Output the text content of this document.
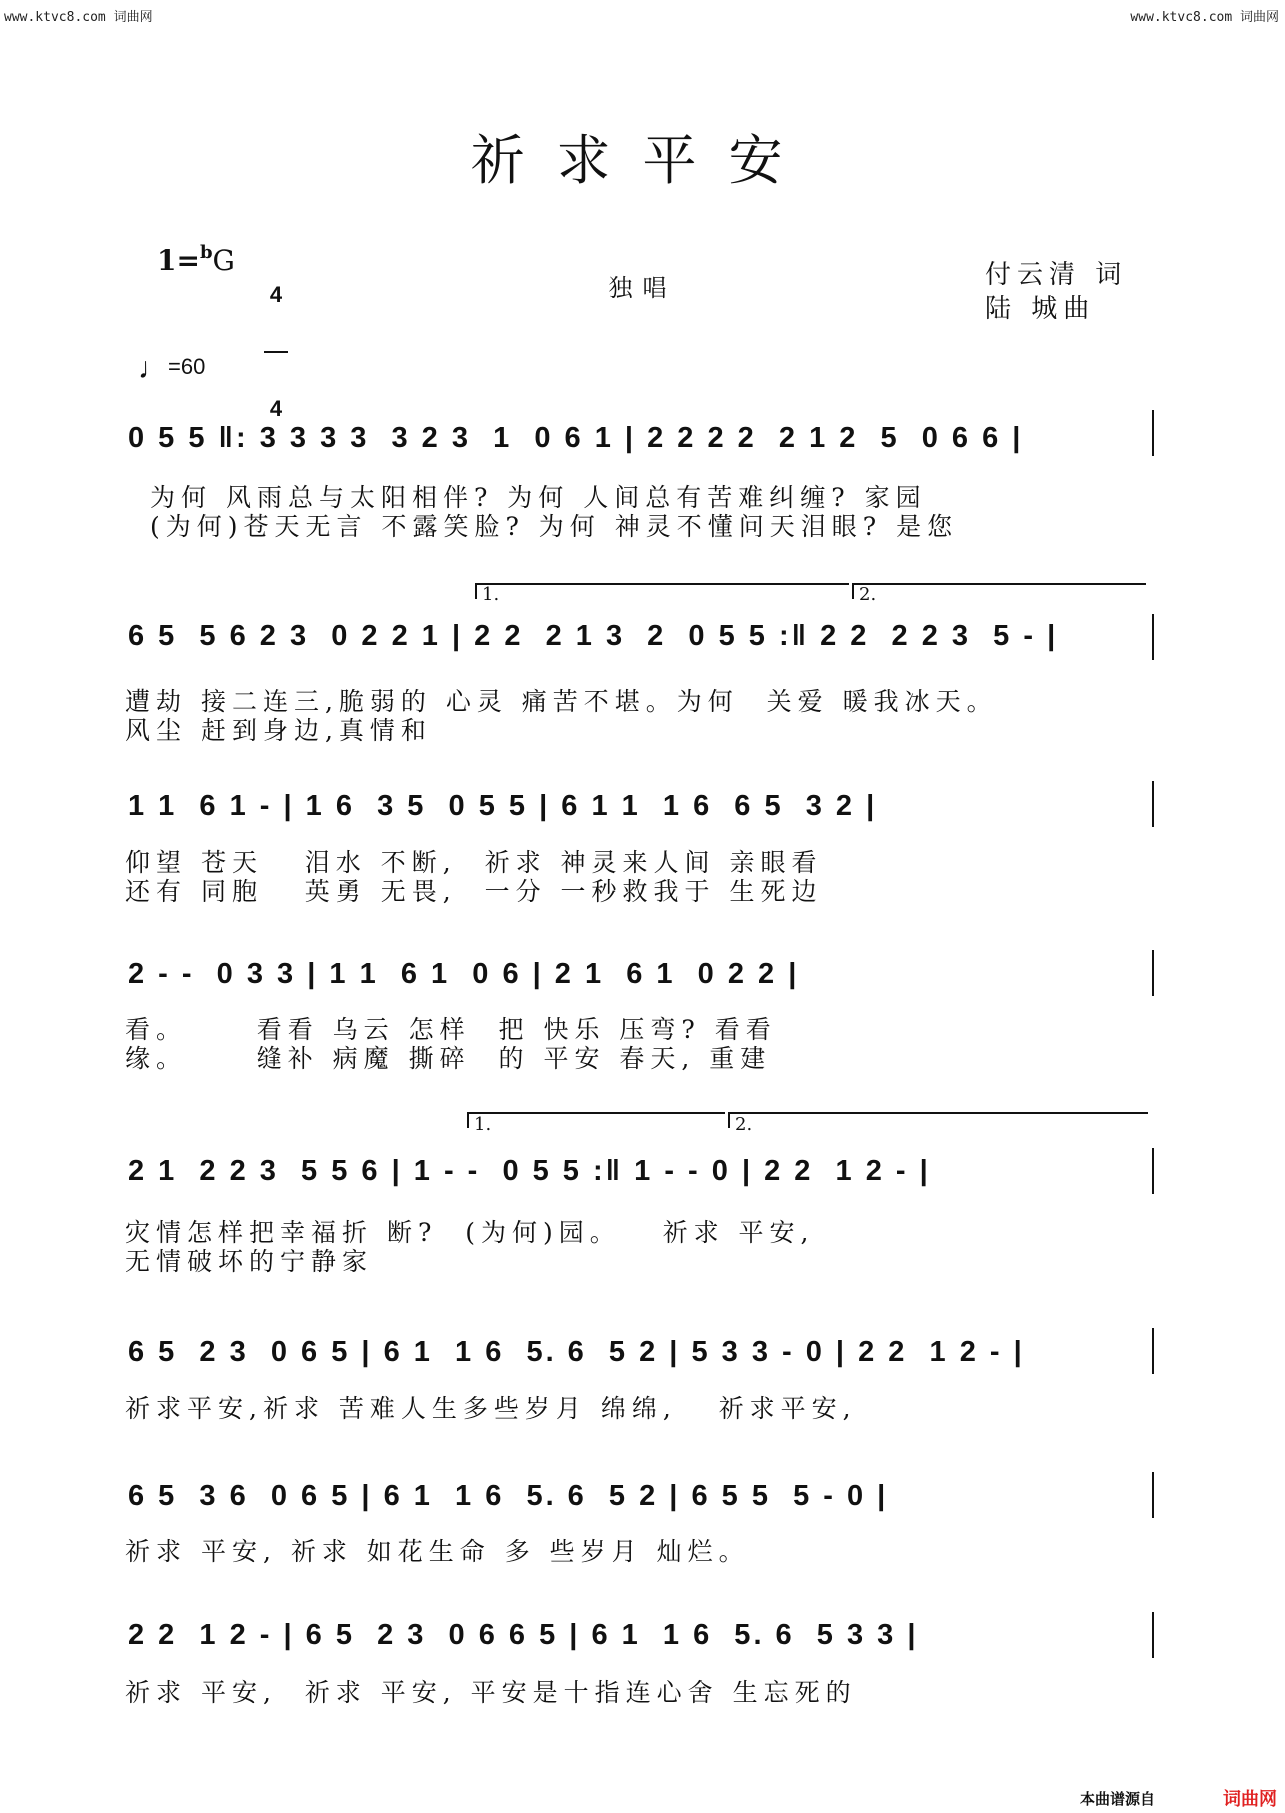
www.ktvc8.com 词曲网	www.ktvc8.com 词曲网
祈求平安
1=$^b$G

4

4

独唱	付云清 词
陆 城曲
♩=60
0 5 5 ‖: 3 3 3 3  3 2 3  1  0 6 1 | 2 2 2 2  2 1 2  5  0 6 6 |
为何 风雨总与太阳相伴? 为何 人间总有苦难纠缠? 家园
(为何)苍天无言 不露笑脸? 为何 神灵不懂问天泪眼? 是您
1.	2.
6 5  5 6 2 3  0 2 2 1 | 2 2  2 1 3  2  0 5 5 :‖ 2 2  2 2 3  5 - |
遭劫 接二连三,脆弱的 心灵 痛苦不堪。为何  关爱 暖我冰天。
风尘 赶到身边,真情和
1 1  6 1 - | 1 6  3 5  0 5 5 | 6 1 1  1 6  6 5  3 2 |
仰望 苍天   泪水 不断,  祈求 神灵来人间 亲眼看
还有 同胞   英勇 无畏,  一分 一秒救我于 生死边
2 - -  0 3 3 | 1 1  6 1  0 6 | 2 1  6 1  0 2 2 |
看。     看看 乌云 怎样  把 快乐 压弯? 看看
缘。     缝补 病魔 撕碎  的 平安 春天, 重建
1.	2.
2 1  2 2 3  5 5 6 | 1 - -  0 5 5 :‖ 1 - - 0 | 2 2  1 2 - |
灾情怎样把幸福折 断?  (为何)园。   祈求 平安,
无情破坏的宁静家
6 5  2 3  0 6 5 | 6 1  1 6  5. 6  5 2 | 5 3 3 - 0 | 2 2  1 2 - |
祈求平安,祈求 苦难人生多些岁月 绵绵,   祈求平安,
6 5  3 6  0 6 5 | 6 1  1 6  5. 6  5 2 | 6 5 5  5 - 0 |
祈求 平安, 祈求 如花生命 多 些岁月 灿烂。
2 2  1 2 - | 6 5  2 3  0 6 6 5 | 6 1  1 6  5. 6  5 3 3 |
祈求 平安,  祈求 平安, 平安是十指连心舍 生忘死的
本曲谱源自	词曲网
